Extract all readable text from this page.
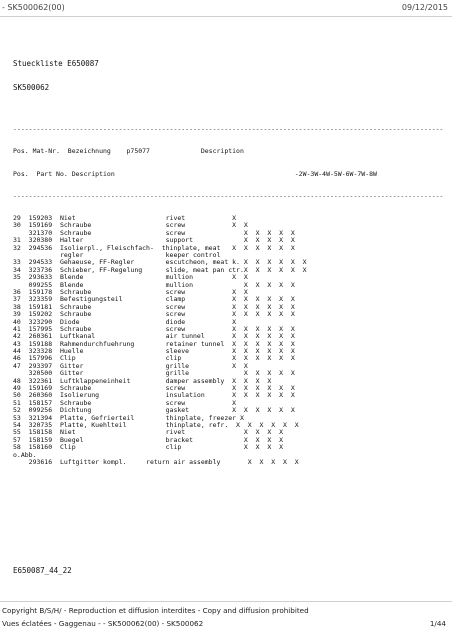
- SK500062(00)	09/12/2015

Stueckliste E650087

SK500062

--------------------------------------------------------------------------------------------------------------

Pos. Mat-Nr.  Bezeichnung    p75077             Description

Pos.  Part No. Description                                              -2W-3W-4W-5W-6W-7W-8W

--------------------------------------------------------------------------------------------------------------

29  159203  Niet                       rivet            X
30  159169  Schraube                   screw            X  X
321370  Schraube                   screw               X  X  X  X  X
31  320380  Halter                     support             X  X  X  X  X
32  294536  Isolierpl., Fleischfach-  thinplate, meat   X  X  X  X  X  X
regler                     keeper control
33  294533  Gehaeuse, FF-Regler        escutcheon, meat k. X  X  X  X  X  X
34  323736  Schieber, FF-Regelung      slide, meat pan ctr.X  X  X  X  X  X
35  293633  Blende                     mullion          X  X
099255  Blende                     mullion             X  X  X  X  X
36  159178  Schraube                   screw            X  X
37  323359  Befestigungsteil           clamp            X  X  X  X  X  X
38  159181  Schraube                   screw            X  X  X  X  X  X
39  159202  Schraube                   screw            X  X  X  X  X  X
40  323290  Diode                      diode            X
41  157995  Schraube                   screw            X  X  X  X  X  X
42  260361  Luftkanal                  air tunnel       X  X  X  X  X  X
43  159188  Rahmendurchfuehrung        retainer tunnel  X  X  X  X  X  X
44  323328  Huelle                     sleeve           X  X  X  X  X  X
46  157996  Clip                       clip             X  X  X  X  X  X
47  293397  Gitter                     grille           X  X
320500  Gitter                     grille              X  X  X  X  X
48  322361  Luftklappeneinheit         damper assembly  X  X  X  X
49  159169  Schraube                   screw            X  X  X  X  X  X
50  260360  Isolierung                 insulation       X  X  X  X  X  X
51  158157  Schraube                   screw            X
52  099256  Dichtung                   gasket           X  X  X  X  X  X
53  321394  Platte, Gefrierteil        thinplate, freezer X
54  320735  Platte, Kuehlteil          thinplate, refr.  X  X  X  X  X  X
55  158158  Niet                       rivet               X  X  X  X
57  158159  Buegel                     bracket             X  X  X  X
58  158160  Clip                       clip                X  X  X  X
o.Abb.
293616  Luftgitter kompl.     return air assembly       X  X  X  X  X

E650087_44_22
Copyright B/S/H/ - Reproduction et diffusion interdites - Copy and diffusion prohibited
Vues éclatées - Gaggenau - - SK500062(00) - SK500062	1/44
